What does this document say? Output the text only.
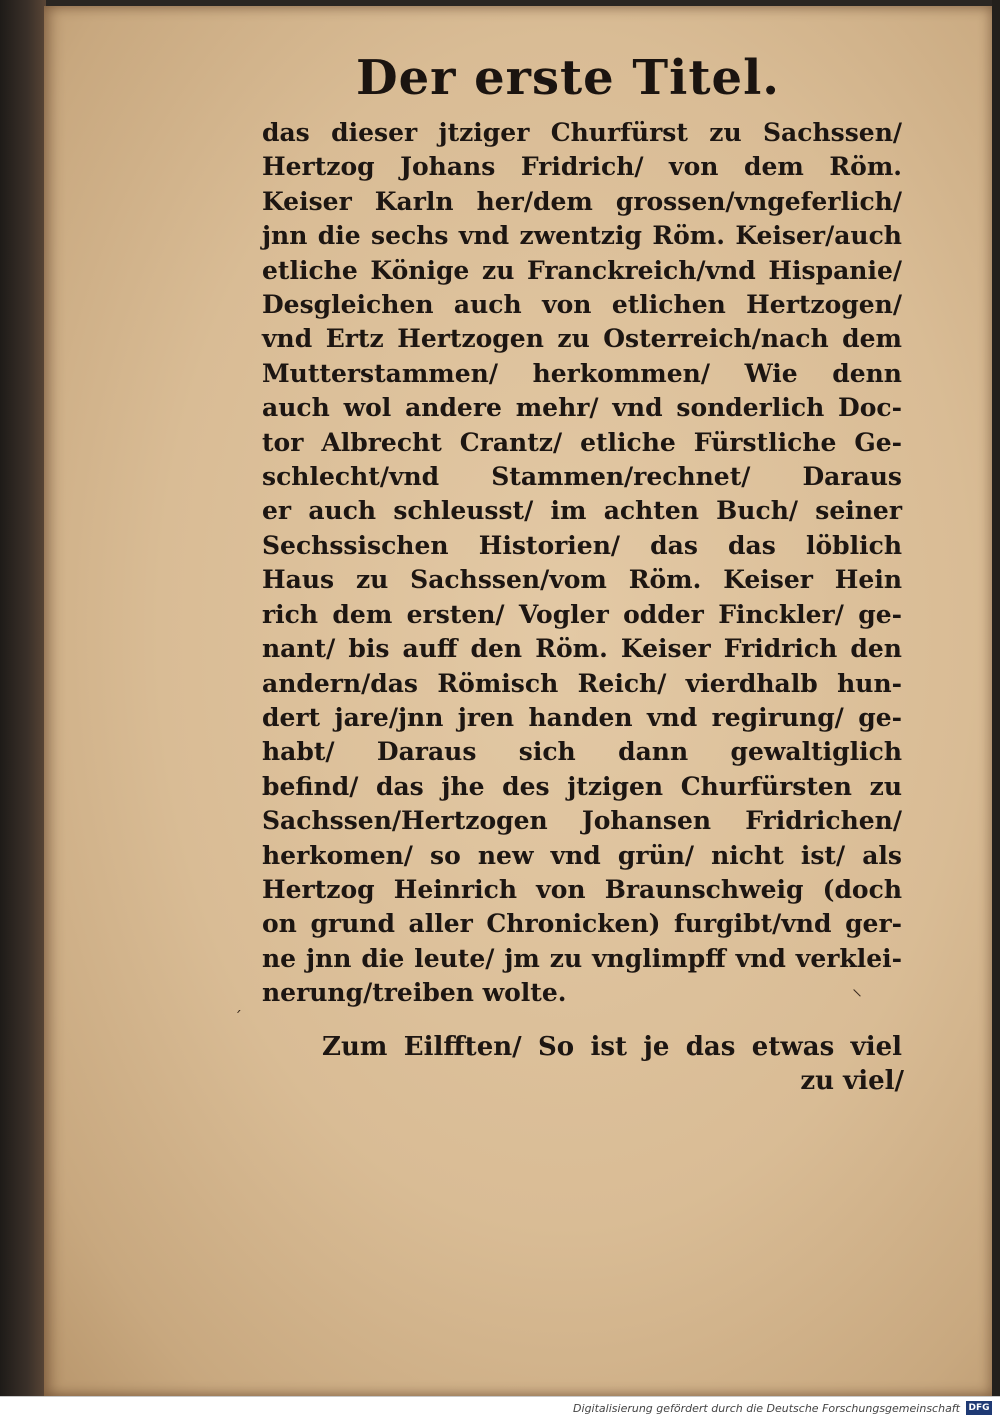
Der erste Titel.
das dieser jtziger Churfürst zu Sachssen/
Hertzog Johans Fridrich/ von dem Röm.
Keiser Karln her/dem grossen/vngeferlich/
jnn die sechs vnd zwentzig Röm. Keiser/auch
etliche Könige zu Franckreich/vnd Hispanie/
Desgleichen auch von etlichen Hertzogen/
vnd Ertz Hertzogen zu Osterreich/nach dem
Mutterstammen/ herkommen/ Wie denn
auch wol andere mehr/ vnd sonderlich Doc-
tor Albrecht Crantz/ etliche Fürstliche Ge-
schlecht/vnd Stammen/rechnet/ Daraus
er auch schleusst/ im achten Buch/ seiner
Sechssischen Historien/ das das löblich
Haus zu Sachssen/vom Röm. Keiser Hein
rich dem ersten/ Vogler odder Finckler/ ge-
nant/ bis auff den Röm. Keiser Fridrich den
andern/das Römisch Reich/ vierdhalb hun-
dert jare/jnn jren handen vnd regirung/ ge-
habt/ Daraus sich dann gewaltiglich
befind/ das jhe des jtzigen Churfürsten zu
Sachssen/Hertzogen Johansen Fridrichen/
herkomen/ so new vnd grün/ nicht ist/ als
Hertzog Heinrich von Braunschweig (doch
on grund aller Chronicken) furgibt/vnd ger-
ne jnn die leute/ jm zu vnglimpff vnd verklei-
nerung/treiben wolte.	⸜
ˊ
Zum Eilfften/ So ist je das etwas viel
zu viel/
Digitalisierung gefördert durch die Deutsche Forschungsgemeinschaft DFG
